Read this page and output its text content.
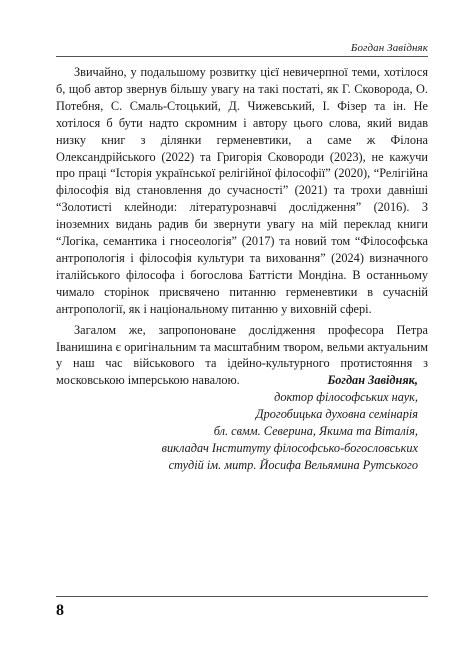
Богдан Завідняк

Звичайно, у подальшому розвитку цієї невичерпної теми, хотілося б, щоб автор звернув більшу увагу на такі постаті, як Г. Сковорода, О. Потебня, С. Смаль-Стоцький, Д. Чижевський, І. Фізер та ін. Не хотілося б бути надто скромним і автору цього слова, який видав низку книг з ділянки герменевтики, а саме ж Філона Олександрійського (2022) та Григорія Сковороди (2023), не кажучи про праці “Історія української релігійної філософії” (2020), “Релігійна філософія від становлення до сучасності” (2021) та трохи давніші “Золотисті клейноди: літературознавчі дослідження” (2016). З іноземних видань радив би звернути увагу на мій переклад книги “Логіка, семантика і гносеологія” (2017) та новий том “Філософська антропологія і філософія культури та виховання” (2024) визначного італійського філософа і богослова Баттісти Мондіна. В останньому чимало сторінок присвячено питанню герменевтики в сучасній антропології, як і національному питанню у виховній сфері.

Загалом же, запропоноване дослідження професора Петра Іванишина є оригінальним та масштабним твором, вельми актуальним у наш час військового та ідейно-культурного протистояння з московською імперською навалою.	Богдан Завідняк,
доктор філософських наук,
Дрогобицька духовна семінарія
бл. свмм. Северина, Якима та Віталія,
викладач Інституту філософсько-богословських
студій ім. митр. Йосифа Вельямина Рутського
8
